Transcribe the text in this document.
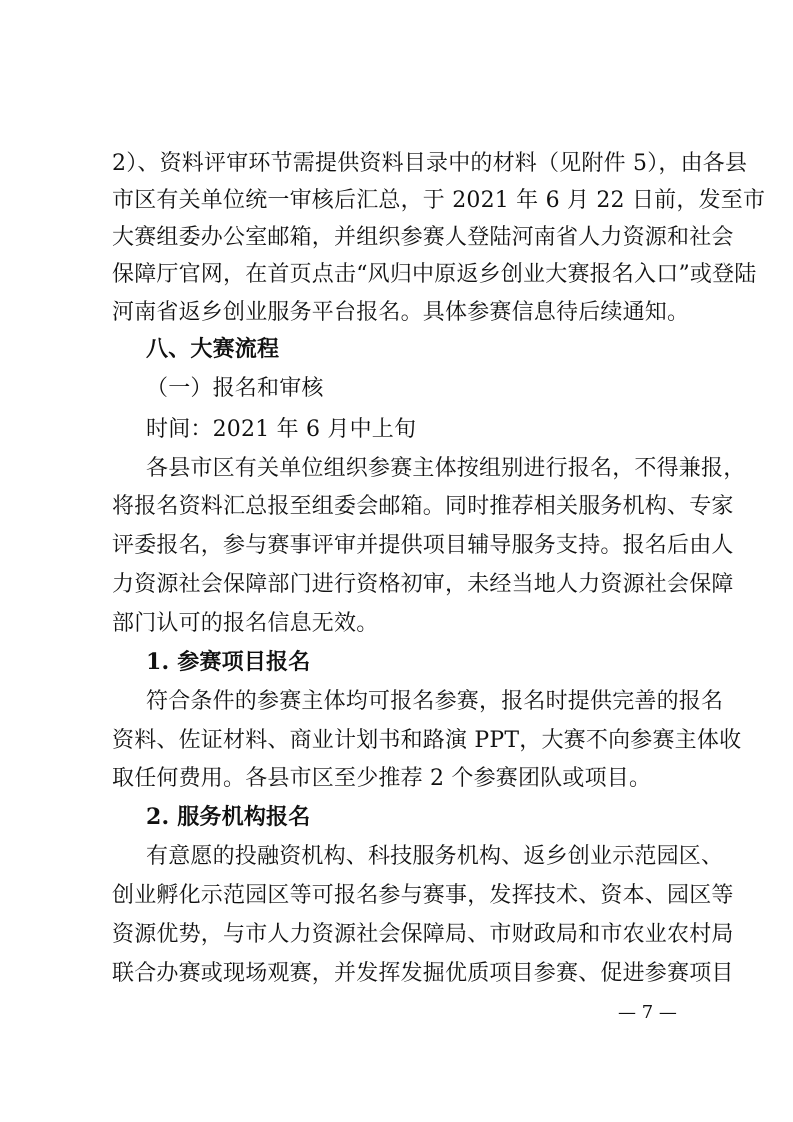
2）、资料评审环节需提供资料目录中的材料（见附件 5），由各县
市区有关单位统一审核后汇总，于 2021 年 6 月 22 日前，发至市
大赛组委办公室邮箱，并组织参赛人登陆河南省人力资源和社会
保障厅官网，在首页点击“风归中原返乡创业大赛报名入口”或登陆
河南省返乡创业服务平台报名。具体参赛信息待后续通知。
八、大赛流程
（一）报名和审核
时间：2021 年 6 月中上旬
各县市区有关单位组织参赛主体按组别进行报名，不得兼报，
将报名资料汇总报至组委会邮箱。同时推荐相关服务机构、专家
评委报名，参与赛事评审并提供项目辅导服务支持。报名后由人
力资源社会保障部门进行资格初审，未经当地人力资源社会保障
部门认可的报名信息无效。
1. 参赛项目报名
符合条件的参赛主体均可报名参赛，报名时提供完善的报名
资料、佐证材料、商业计划书和路演 PPT，大赛不向参赛主体收
取任何费用。各县市区至少推荐 2 个参赛团队或项目。
2. 服务机构报名
有意愿的投融资机构、科技服务机构、返乡创业示范园区、
创业孵化示范园区等可报名参与赛事，发挥技术、资本、园区等
资源优势，与市人力资源社会保障局、市财政局和市农业农村局
联合办赛或现场观赛，并发挥发掘优质项目参赛、促进参赛项目
— 7 —
